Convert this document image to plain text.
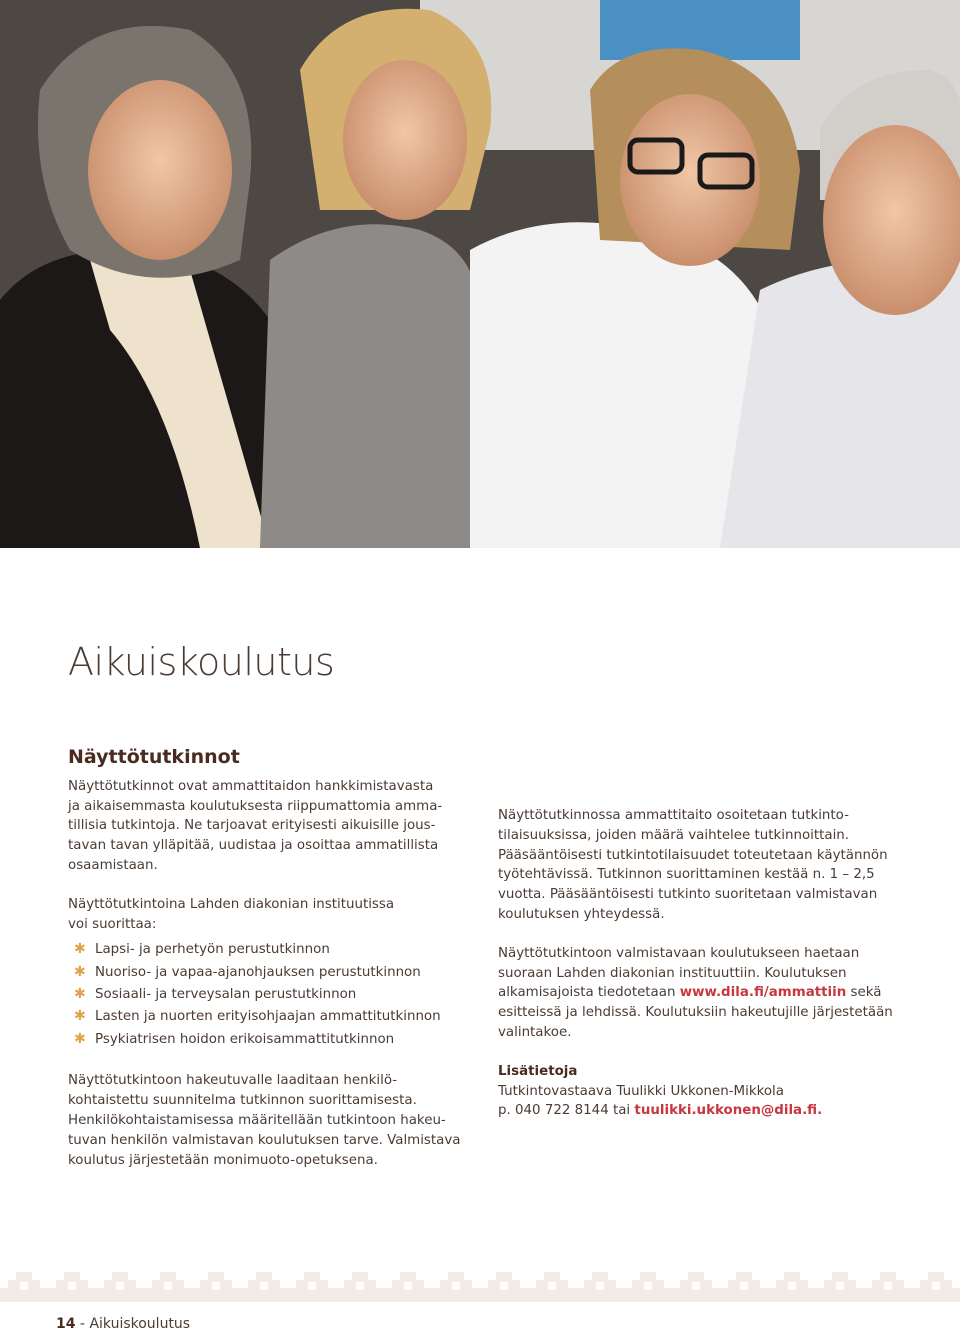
Aikuiskoulutus
Näyttötutkinnot

Näyttötutkinnot ovat ammattitaidon hankkimistavasta
ja aikaisemmasta koulutuksesta riippumattomia amma-
tillisia tutkintoja. Ne tarjoavat erityisesti aikuisille jous-
tavan tavan ylläpitää, uudistaa ja osoittaa ammatillista
osaamistaan.

Näyttötutkintoina Lahden diakonian instituutissa
voi suorittaa:

✱ Lapsi- ja perhetyön perustutkinnon
✱ Nuoriso- ja vapaa-ajanohjauksen perustutkinnon
✱ Sosiaali- ja terveysalan perustutkinnon
✱ Lasten ja nuorten erityisohjaajan ammattitutkinnon
✱ Psykiatrisen hoidon erikoisammattitutkinnon

Näyttötutkintoon hakeutuvalle laaditaan henkilö-
kohtaistettu suunnitelma tutkinnon suorittamisesta.
Henkilökohtaistamisessa määritellään tutkintoon hakeu-
tuvan henkilön valmistavan koulutuksen tarve. Valmistava
koulutus järjestetään monimuoto-opetuksena.

Näyttötutkinnossa ammattitaito osoitetaan tutkinto-
tilaisuuksissa, joiden määrä vaihtelee tutkinnoittain.
Pääsääntöisesti tutkintotilaisuudet toteutetaan käytännön
työtehtävissä. Tutkinnon suorittaminen kestää n. 1 – 2,5
vuotta. Pääsääntöisesti tutkinto suoritetaan valmistavan
koulutuksen yhteydessä.

Näyttötutkintoon valmistavaan koulutukseen haetaan
suoraan Lahden diakonian instituuttiin. Koulutuksen
alkamisajoista tiedotetaan www.dila.fi/ammattiin sekä
esitteissä ja lehdissä. Koulutuksiin hakeutujille järjestetään
valintakoe.

Lisätietoja
Tutkintovastaava Tuulikki Ukkonen-Mikkola
p. 040 722 8144 tai tuulikki.ukkonen@dila.fi.

14 - Aikuiskoulutus
